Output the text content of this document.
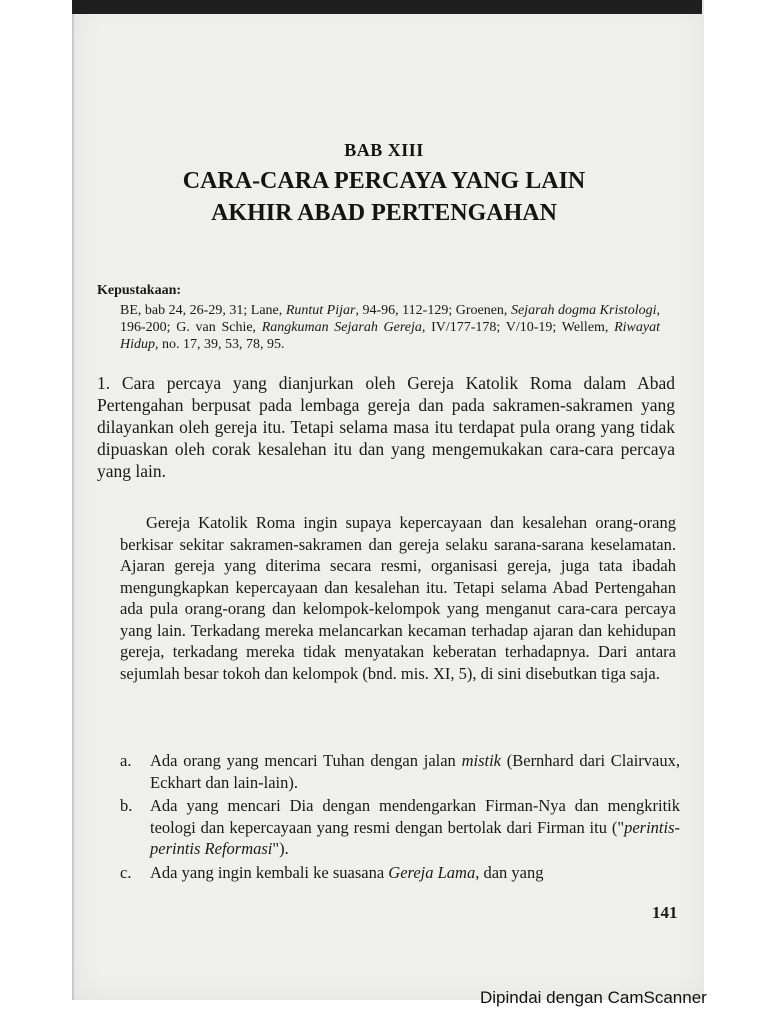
BAB XIII
CARA-CARA PERCAYA YANG LAIN
AKHIR ABAD PERTENGAHAN
Kepustakaan:
BE, bab 24, 26-29, 31; Lane, Runtut Pijar, 94-96, 112-129; Groenen, Sejarah dogma Kristologi, 196-200; G. van Schie, Rangkuman Sejarah Gereja, IV/177-178; V/10-19; Wellem, Riwayat Hidup, no. 17, 39, 53, 78, 95.
1. Cara percaya yang dianjurkan oleh Gereja Katolik Roma dalam Abad Pertengahan berpusat pada lembaga gereja dan pada sakramen-sakramen yang dilayankan oleh gereja itu. Tetapi selama masa itu terdapat pula orang yang tidak dipuaskan oleh corak kesalehan itu dan yang mengemukakan cara-cara percaya yang lain.
Gereja Katolik Roma ingin supaya kepercayaan dan kesalehan orang-orang berkisar sekitar sakramen-sakramen dan gereja selaku sarana-sarana keselamatan. Ajaran gereja yang diterima secara resmi, organisasi gereja, juga tata ibadah mengungkapkan kepercayaan dan kesalehan itu. Tetapi selama Abad Pertengahan ada pula orang-orang dan kelompok-kelompok yang menganut cara-cara percaya yang lain. Terkadang mereka melancarkan kecaman terhadap ajaran dan kehidupan gereja, terkadang mereka tidak menyatakan keberatan terhadapnya. Dari antara sejumlah besar tokoh dan kelompok (bnd. mis. XI, 5), di sini disebutkan tiga saja.
a. Ada orang yang mencari Tuhan dengan jalan mistik (Bernhard dari Clairvaux, Eckhart dan lain-lain).
b. Ada yang mencari Dia dengan mendengarkan Firman-Nya dan mengkritik teologi dan kepercayaan yang resmi dengan bertolak dari Firman itu ("perintis-perintis Reformasi").
c. Ada yang ingin kembali ke suasana Gereja Lama, dan yang
141
Dipindai dengan CamScanner
